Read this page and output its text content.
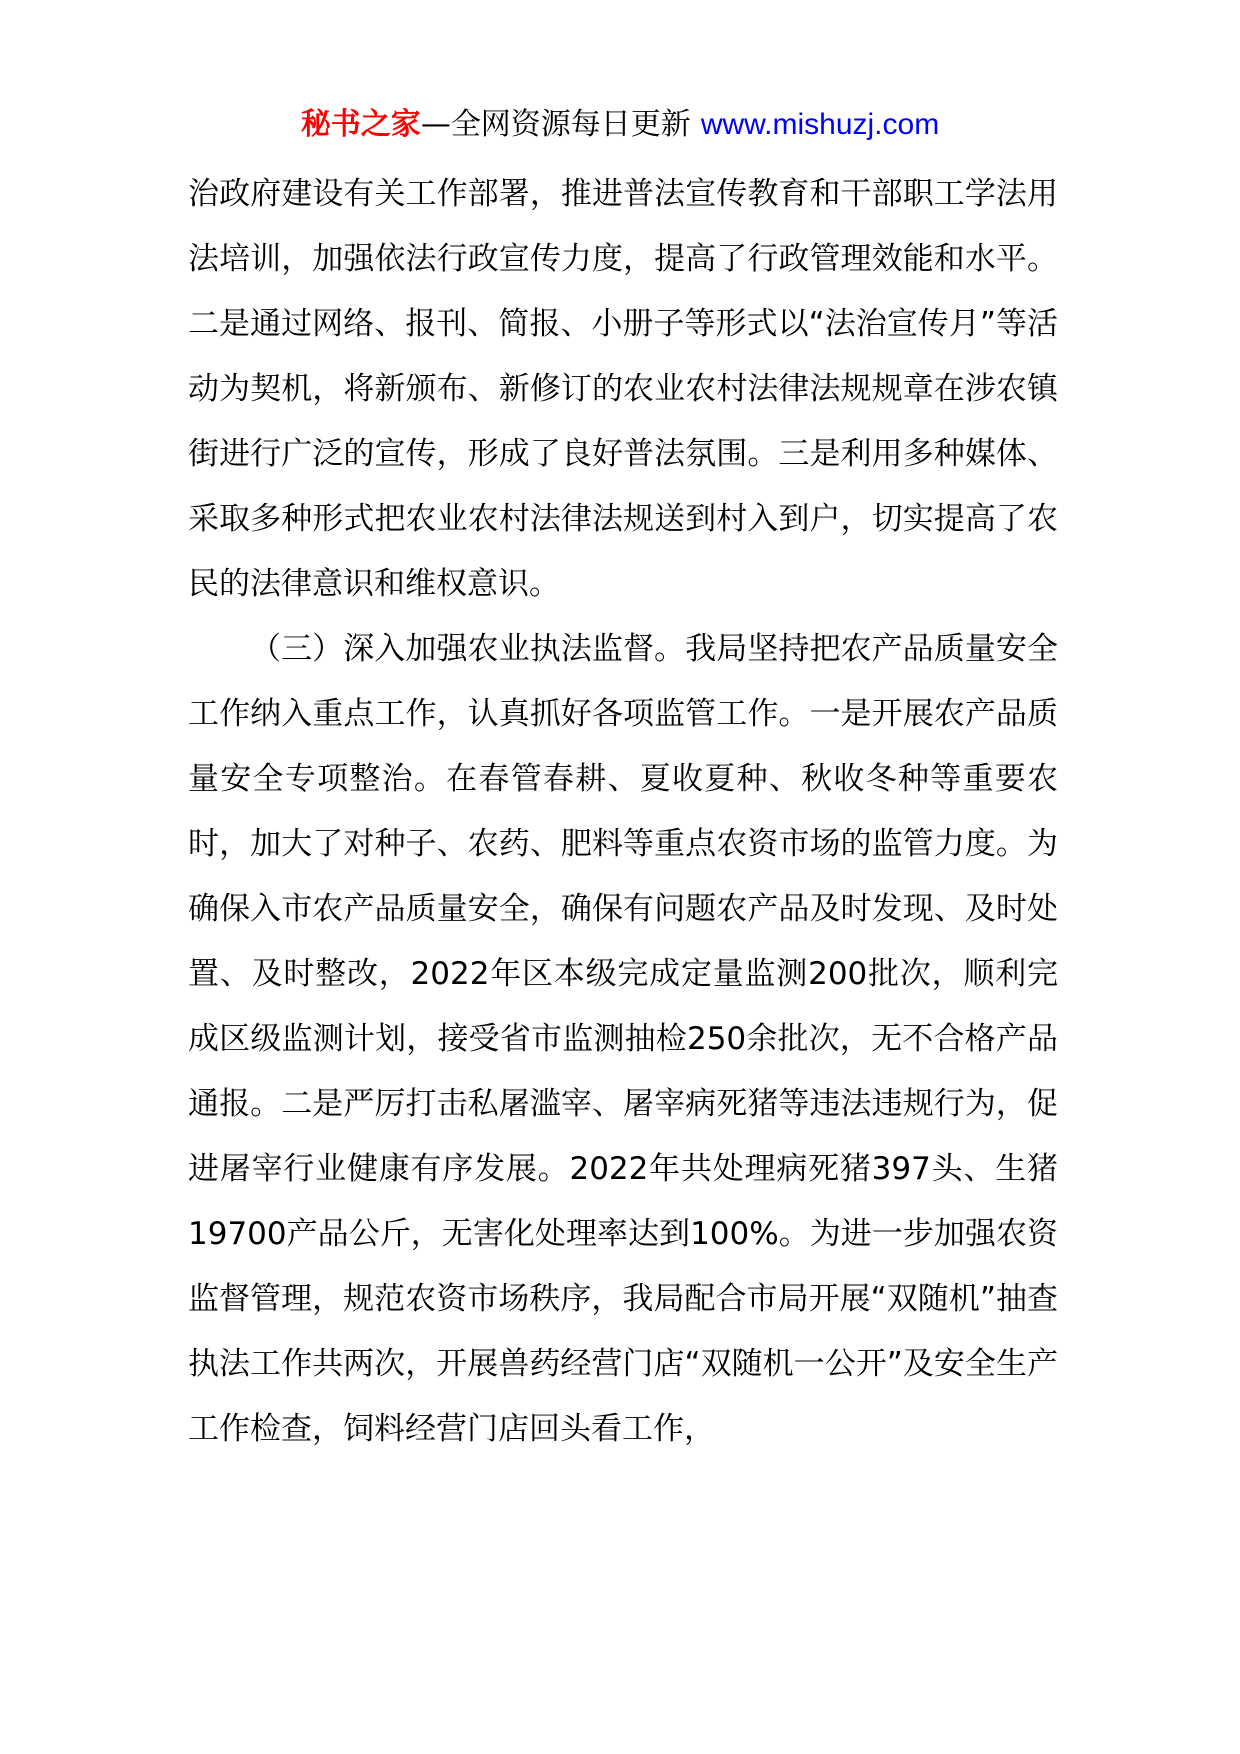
秘书之家—全网资源每日更新 www.mishuzj.com

治政府建设有关工作部署，推进普法宣传教育和干部职工学法用法培训，加强依法行政宣传力度，提高了行政管理效能和水平。二是通过网络、报刊、简报、小册子等形式以“法治宣传月”等活动为契机，将新颁布、新修订的农业农村法律法规规章在涉农镇街进行广泛的宣传，形成了良好普法氛围。三是利用多种媒体、采取多种形式把农业农村法律法规送到村入到户，切实提高了农民的法律意识和维权意识。

（三）深入加强农业执法监督。我局坚持把农产品质量安全工作纳入重点工作，认真抓好各项监管工作。一是开展农产品质量安全专项整治。在春管春耕、夏收夏种、秋收冬种等重要农时，加大了对种子、农药、肥料等重点农资市场的监管力度。为确保入市农产品质量安全，确保有问题农产品及时发现、及时处置、及时整改，2022年区本级完成定量监测200批次，顺利完成区级监测计划，接受省市监测抽检250余批次，无不合格产品通报。二是严厉打击私屠滥宰、屠宰病死猪等违法违规行为，促进屠宰行业健康有序发展。2022年共处理病死猪397头、生猪19700产品公斤，无害化处理率达到100%。为进一步加强农资监督管理，规范农资市场秩序，我局配合市局开展“双随机”抽查执法工作共两次，开展兽药经营门店“双随机一公开”及安全生产工作检查，饲料经营门店回头看工作，
